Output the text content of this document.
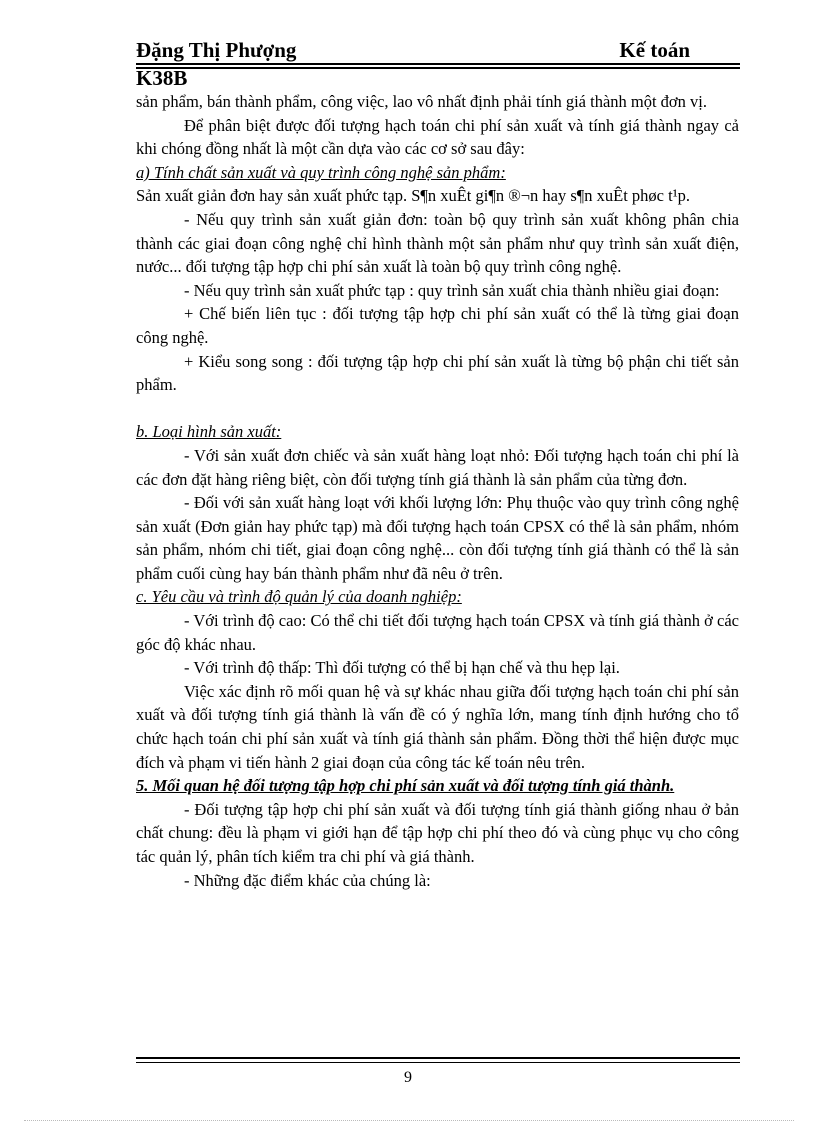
Đặng Thị Phượng	Kế toán
K38B

sản phẩm, bán thành phẩm, công việc, lao vô nhất định phải tính giá thành một đơn vị.

Để phân biệt được đối tượng hạch toán chi phí sản xuất và tính giá thành ngay cả khi chóng đồng nhất là một cần dựa vào các cơ sở sau đây:

a) Tính chất sản xuất và quy trình công nghệ sản phẩm:

Sản xuất giản đơn hay sản xuất phức tạp. S¶n xuÊt gi¶n ®¬n hay s¶n xuÊt phøc t¹p.

- Nếu quy trình sản xuất giản đơn: toàn bộ quy trình sản xuất không phân chia thành các giai đoạn công nghệ chỉ hình thành một sản phẩm như quy trình sản xuất điện, nước... đối tượng tập hợp chi phí sản xuất là toàn bộ quy trình công nghệ.

- Nếu quy trình sản xuất phức tạp : quy trình sản xuất chia thành nhiều giai đoạn:

+ Chế biến liên tục : đối tượng tập hợp chi phí sản xuất có thể là từng giai đoạn công nghệ.

+ Kiểu song song : đối tượng tập hợp chi phí sản xuất là từng bộ phận chi tiết sản phẩm.

b. Loại hình sản xuất:

- Với sản xuất đơn chiếc và sản xuất hàng loạt nhỏ: Đối tượng hạch toán chi phí là các đơn đặt hàng riêng biệt, còn đối tượng tính giá thành là sản phẩm của từng đơn.

- Đối với sản xuất hàng loạt với khối lượng lớn: Phụ thuộc vào quy trình công nghệ sản xuất (Đơn giản hay phức tạp) mà đối tượng hạch toán CPSX có thể là sản phẩm, nhóm sản phẩm, nhóm chi tiết, giai đoạn công nghệ... còn đối tượng tính giá thành có thể là sản phẩm cuối cùng hay bán thành phẩm như đã nêu ở trên.

c. Yêu cầu và trình độ quản lý của doanh nghiệp:

- Với trình độ cao: Có thể chi tiết đối tượng hạch toán CPSX và tính giá thành ở các góc độ khác nhau.

- Với trình độ thấp: Thì đối tượng có thể bị hạn chế và thu hẹp lại.

Việc xác định rõ mối quan hệ và sự khác nhau giữa đối tượng hạch toán chi phí sản xuất và đối tượng tính giá thành là vấn đề có ý nghĩa lớn, mang tính định hướng cho tổ chức hạch toán chi phí sản xuất và tính giá thành sản phẩm. Đồng thời thể hiện được mục đích và phạm vi tiến hành 2 giai đoạn của công tác kế toán nêu trên.

5. Mối quan hệ đối tượng tập hợp chi phí sản xuất và đối tượng tính giá thành.

- Đối tượng tập hợp chi phí sản xuất và đối tượng tính giá thành giống nhau ở bản chất chung: đều là phạm vi giới hạn để tập hợp chi phí theo đó và cùng phục vụ cho công tác quản lý, phân tích kiểm tra chi phí và giá thành.

- Những đặc điểm khác của chúng là:

9
